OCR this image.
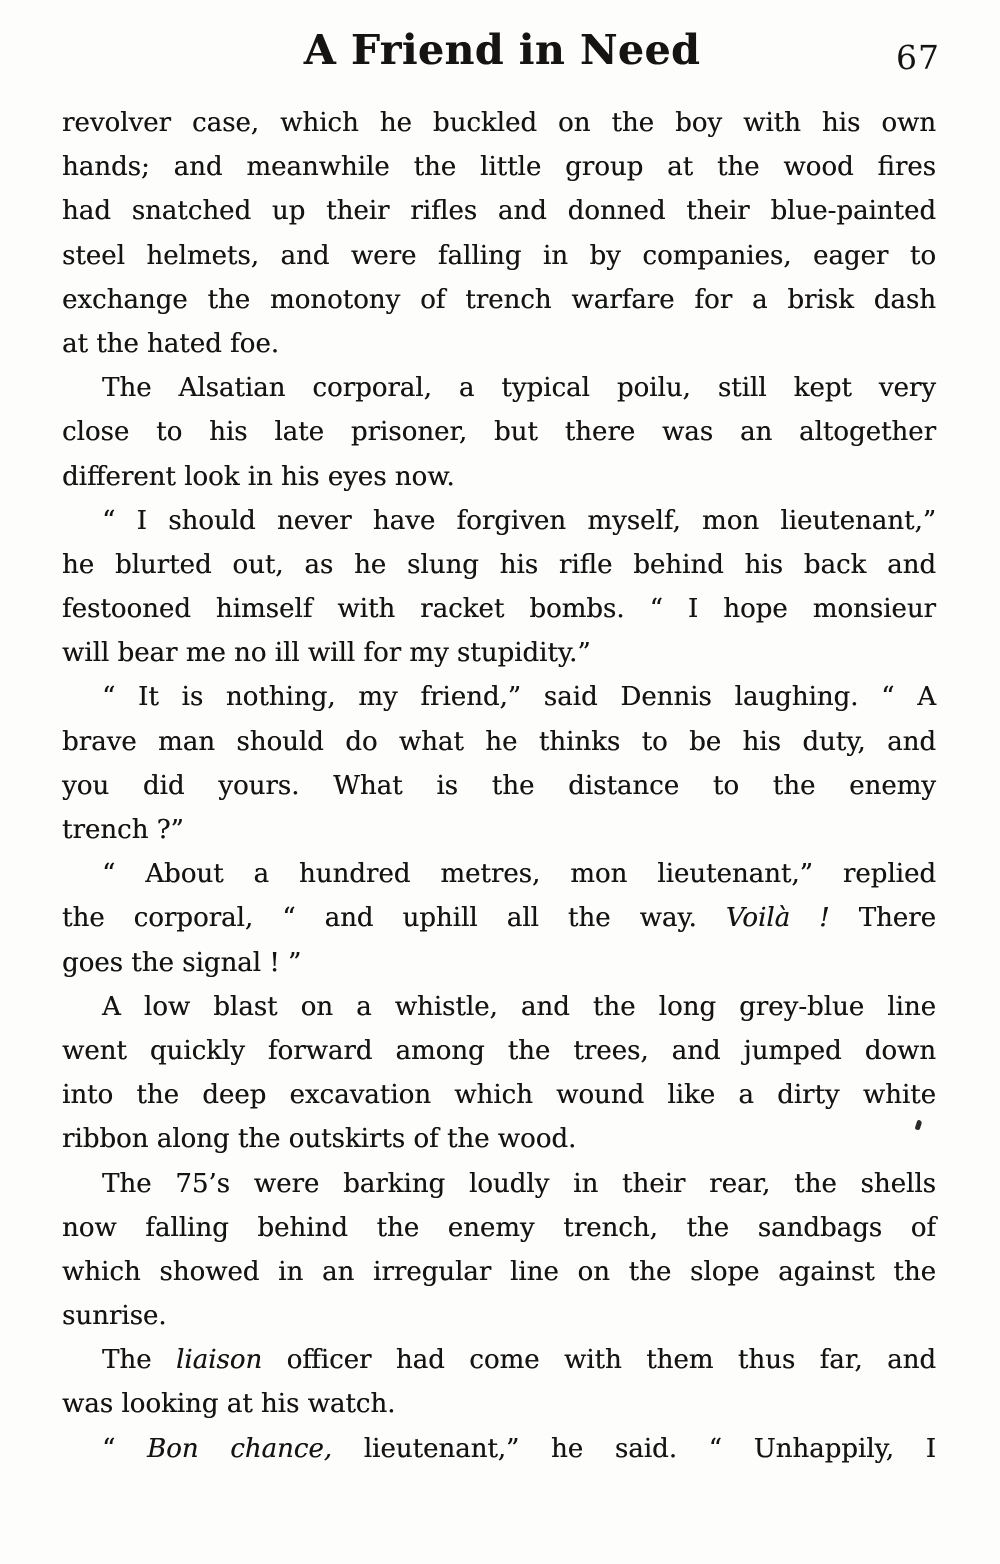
A Friend in Need	67
revolver case, which he buckled on the boy with his own
hands; and meanwhile the little group at the wood fires
had snatched up their rifles and donned their blue-painted
steel helmets, and were falling in by companies, eager to
exchange the monotony of trench warfare for a brisk dash
at the hated foe.
The Alsatian corporal, a typical poilu, still kept very
close to his late prisoner, but there was an altogether
different look in his eyes now.
“ I should never have forgiven myself, mon lieutenant,”
he blurted out, as he slung his rifle behind his back and
festooned himself with racket bombs. “ I hope monsieur
will bear me no ill will for my stupidity.”
“ It is nothing, my friend,” said Dennis laughing. “ A
brave man should do what he thinks to be his duty, and
you did yours. What is the distance to the enemy
trench ?”
“ About a hundred metres, mon lieutenant,” replied
the corporal, “ and uphill all the way. Voilà ! There
goes the signal ! ”
A low blast on a whistle, and the long grey-blue line
went quickly forward among the trees, and jumped down
into the deep excavation which wound like a dirty white
ribbon along the outskirts of the wood.
The 75’s were barking loudly in their rear, the shells
now falling behind the enemy trench, the sandbags of
which showed in an irregular line on the slope against the
sunrise.
The liaison officer had come with them thus far, and
was looking at his watch.
“ Bon chance, lieutenant,” he said. “ Unhappily, I
